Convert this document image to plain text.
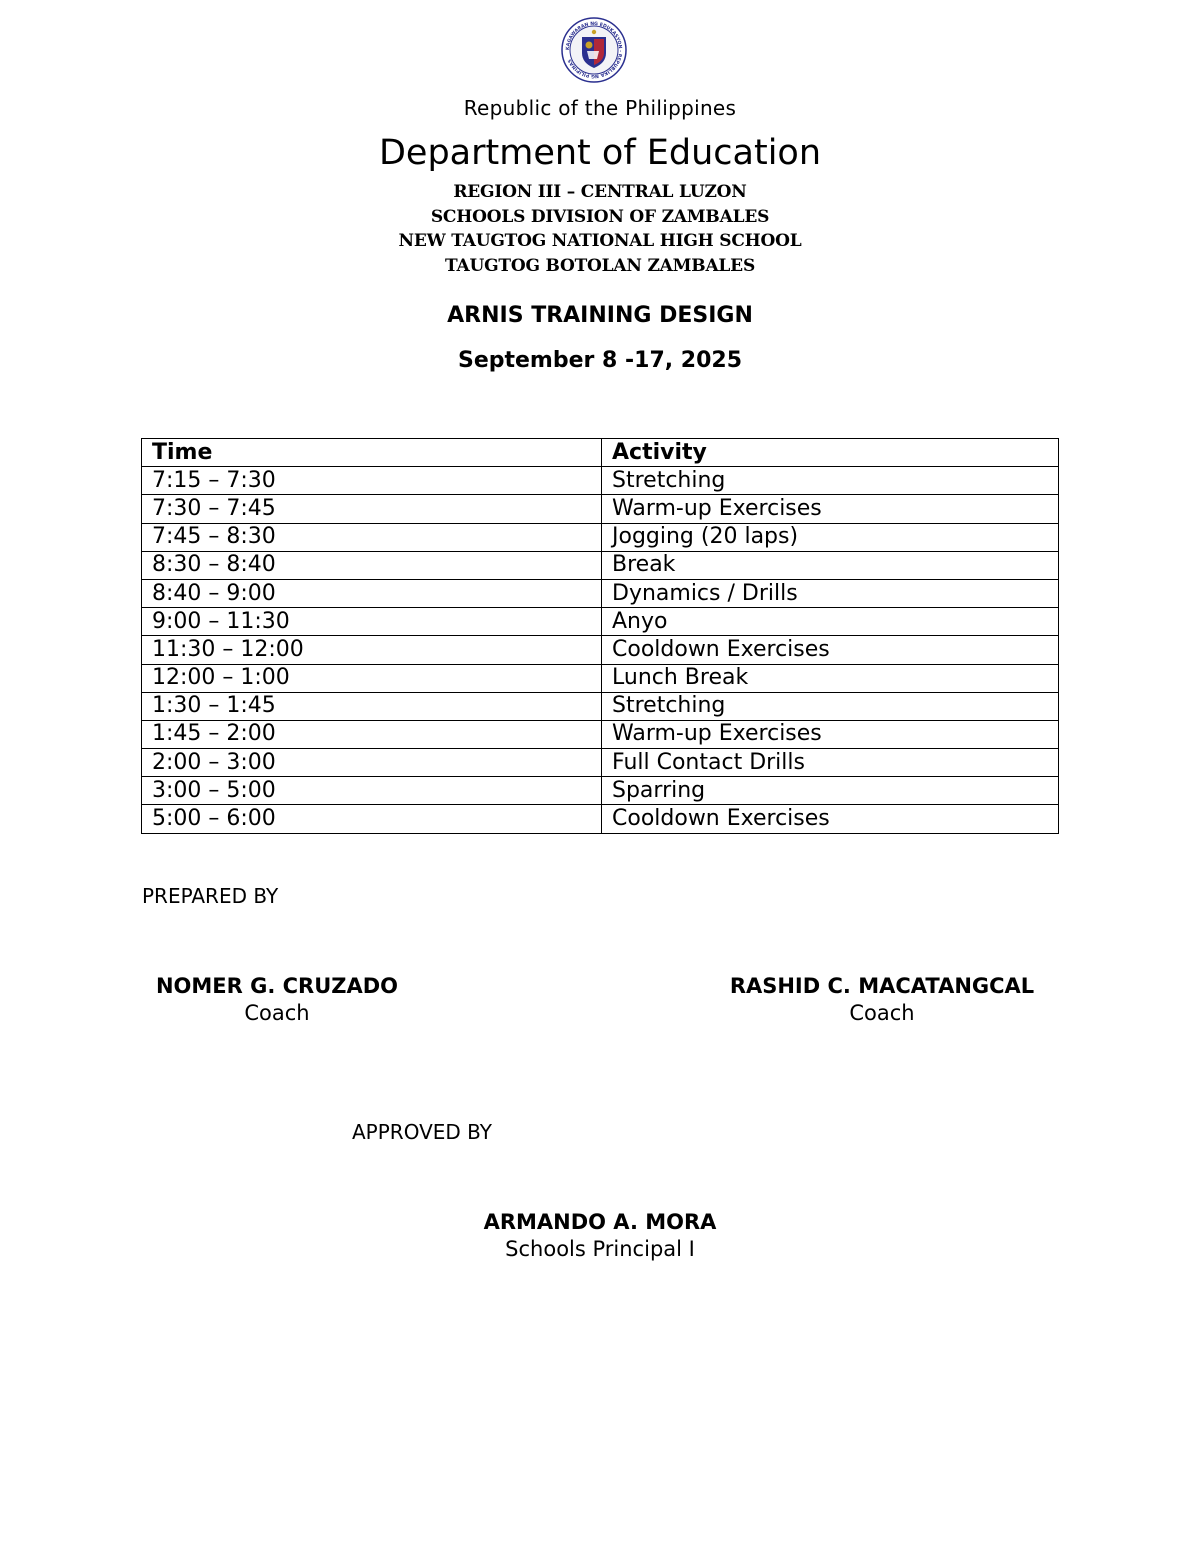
KAGAWARAN NG EDUKASYON · REPUBLIKA NG PILIPINAS
Republic of the Philippines
Department of Education
REGION III – CENTRAL LUZON
SCHOOLS DIVISION OF ZAMBALES
NEW TAUGTOG NATIONAL HIGH SCHOOL
TAUGTOG BOTOLAN ZAMBALES
ARNIS TRAINING DESIGN
September 8 -17, 2025
Time	Activity
7:15 – 7:30	Stretching
7:30 – 7:45	Warm-up Exercises
7:45 – 8:30	Jogging (20 laps)
8:30 – 8:40	Break
8:40 – 9:00	Dynamics / Drills
9:00 – 11:30	Anyo
11:30 – 12:00	Cooldown Exercises
12:00 – 1:00	Lunch Break
1:30 – 1:45	Stretching
1:45 – 2:00	Warm-up Exercises
2:00 – 3:00	Full Contact Drills
3:00 – 5:00	Sparring
5:00 – 6:00	Cooldown Exercises
PREPARED BY
NOMER G. CRUZADO
Coach
RASHID C. MACATANGCAL
Coach
APPROVED BY
ARMANDO A. MORA
Schools Principal I
